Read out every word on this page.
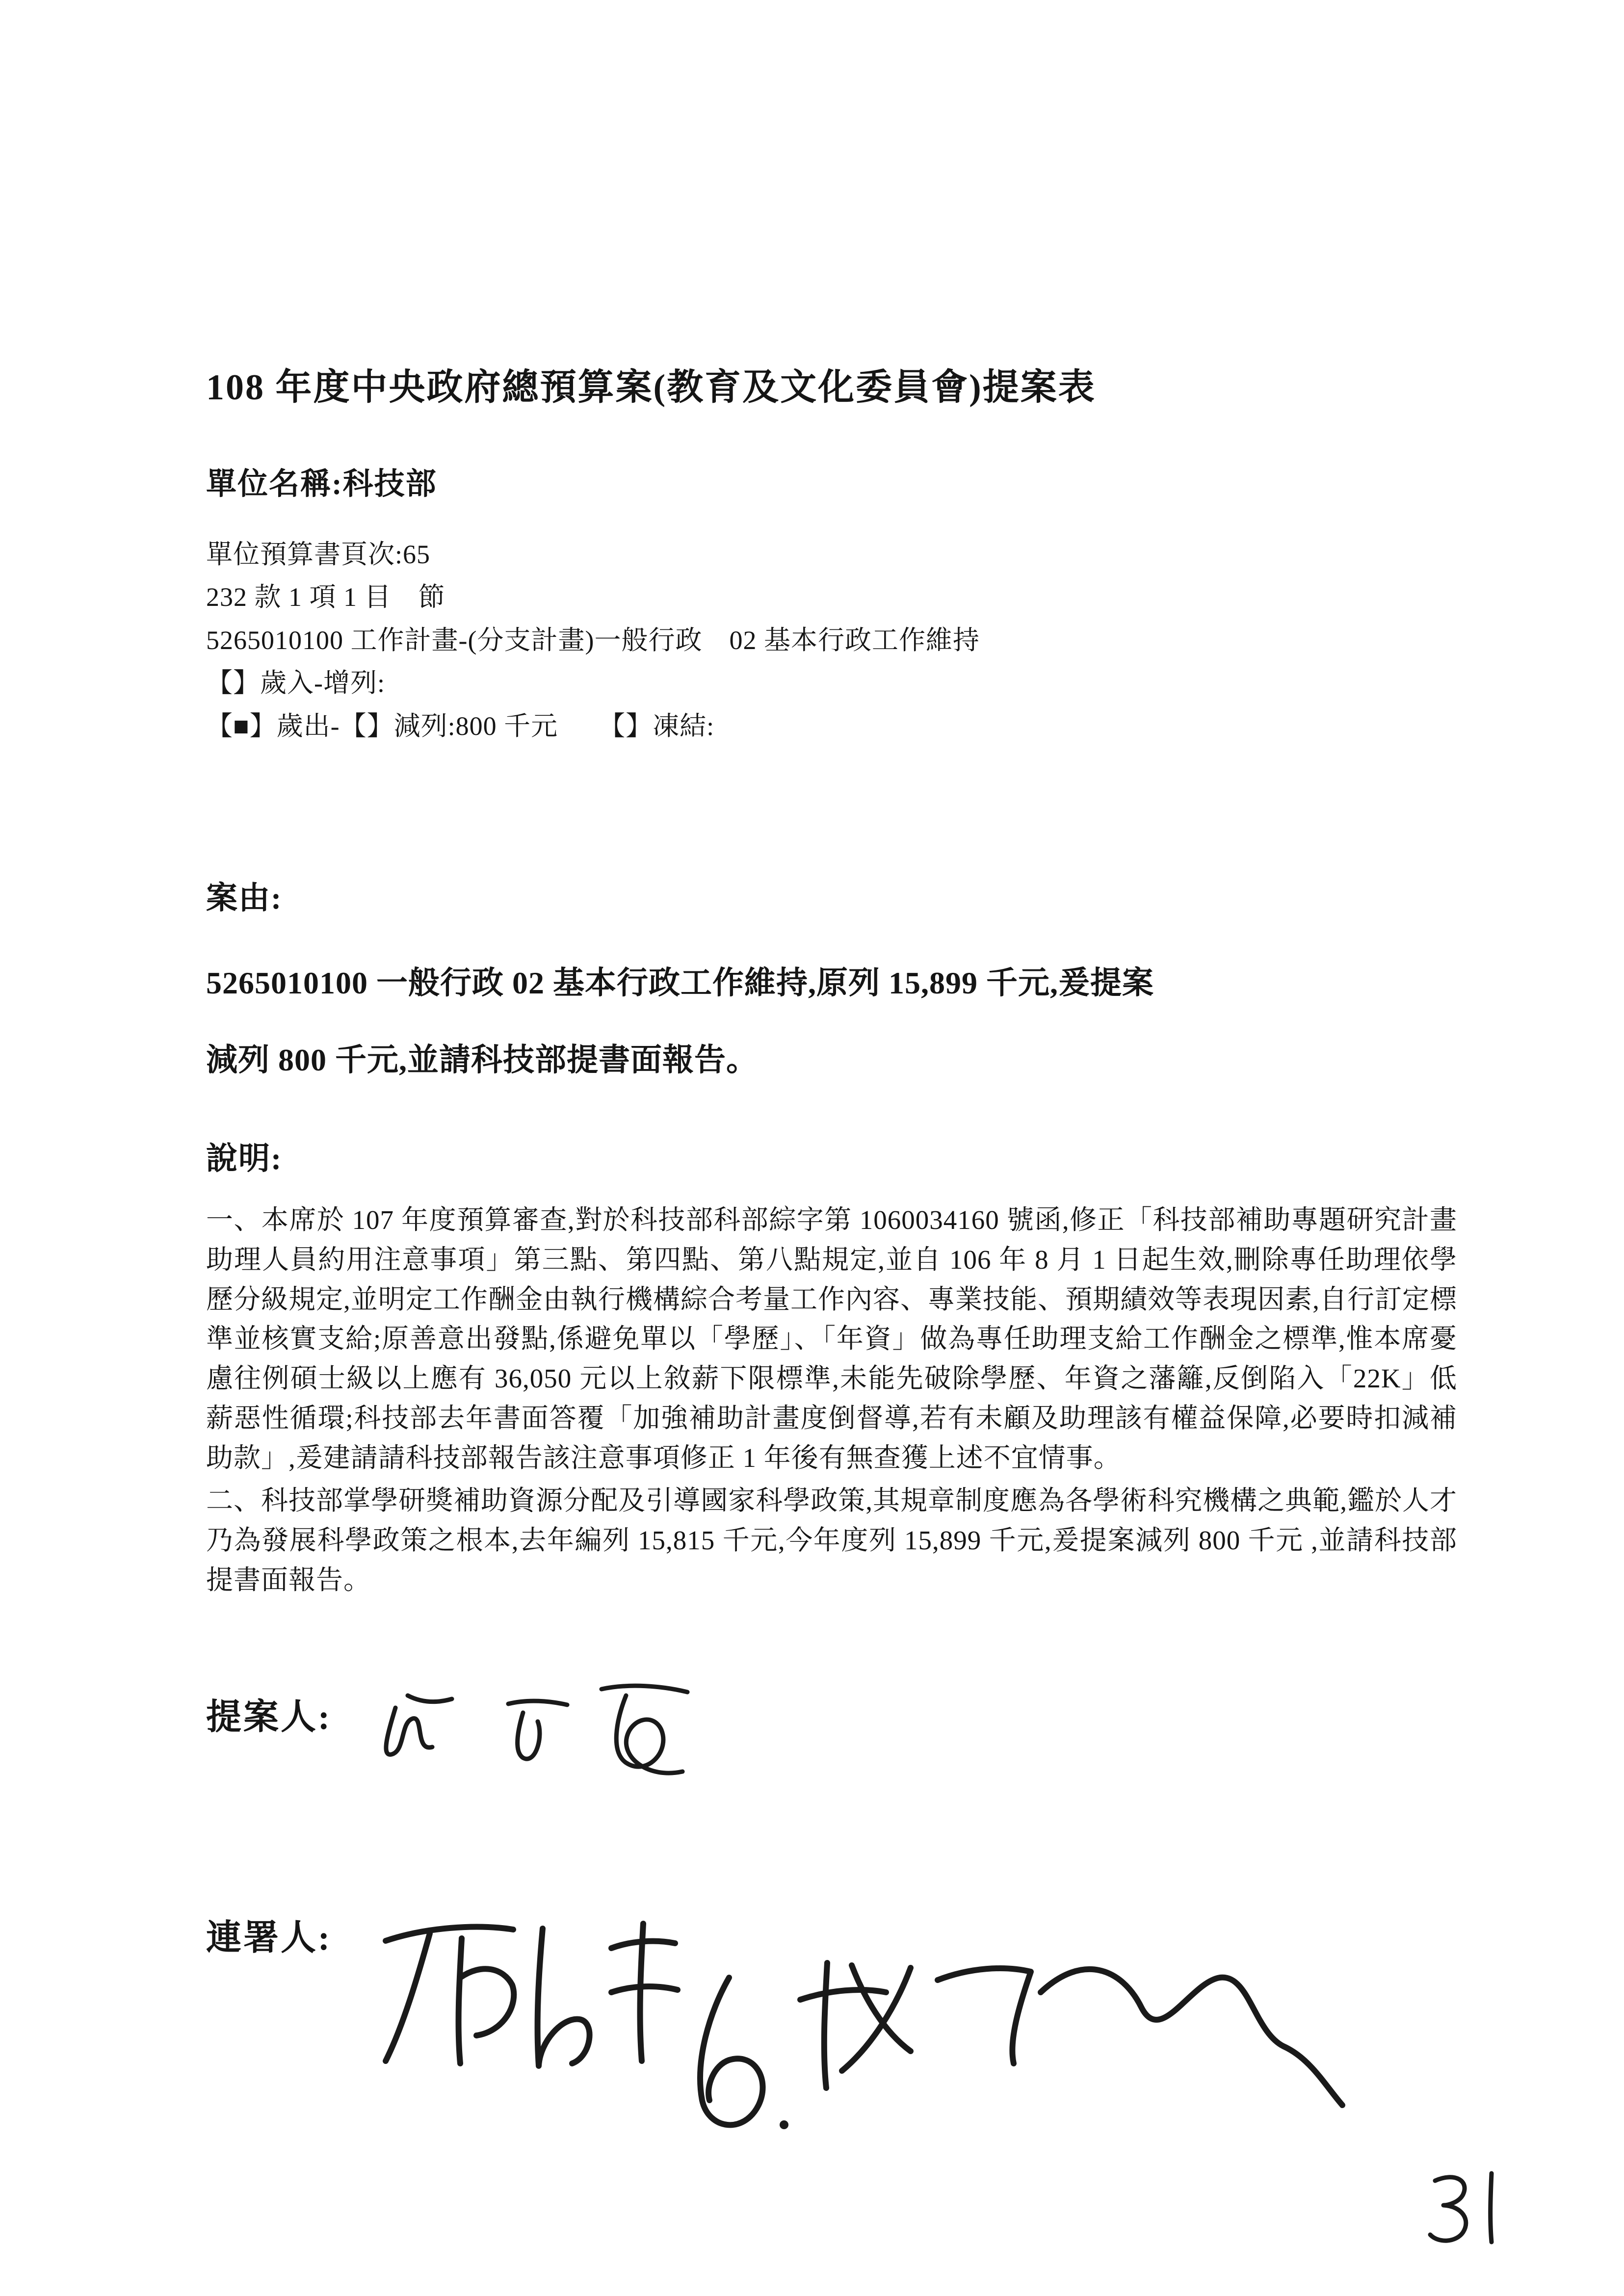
108 年度中央政府總預算案(教育及文化委員會)提案表
單位名稱:科技部
單位預算書頁次:65
232 款 1 項 1 目　節
5265010100 工作計畫-(分支計畫)一般行政　02 基本行政工作維持
【】歲入-增列:
【■】歲出-【】減列:800 千元　　【】凍結:
案由:
5265010100 一般行政 02 基本行政工作維持,原列 15,899 千元,爰提案
減列 800 千元,並請科技部提書面報告。
說明:
一、本席於 107 年度預算審查,對於科技部科部綜字第 1060034160 號函,修正「科技部補助專題研究計畫助理人員約用注意事項」第三點、第四點、第八點規定,並自 106 年 8 月 1 日起生效,刪除專任助理依學歷分級規定,並明定工作酬金由執行機構綜合考量工作內容、專業技能、預期績效等表現因素,自行訂定標準並核實支給;原善意出發點,係避免單以「學歷」、「年資」做為專任助理支給工作酬金之標準,惟本席憂慮往例碩士級以上應有 36,050 元以上敘薪下限標準,未能先破除學歷、年資之藩籬,反倒陷入「22K」低薪惡性循環;科技部去年書面答覆「加強補助計畫度倒督導,若有未顧及助理該有權益保障,必要時扣減補助款」,爰建請請科技部報告該注意事項修正 1 年後有無查獲上述不宜情事。
二、科技部掌學研獎補助資源分配及引導國家科學政策,其規章制度應為各學術科究機構之典範,鑑於人才乃為發展科學政策之根本,去年編列 15,815 千元,今年度列 15,899 千元,爰提案減列 800 千元 ,並請科技部提書面報告。
提案人:
連署人:
